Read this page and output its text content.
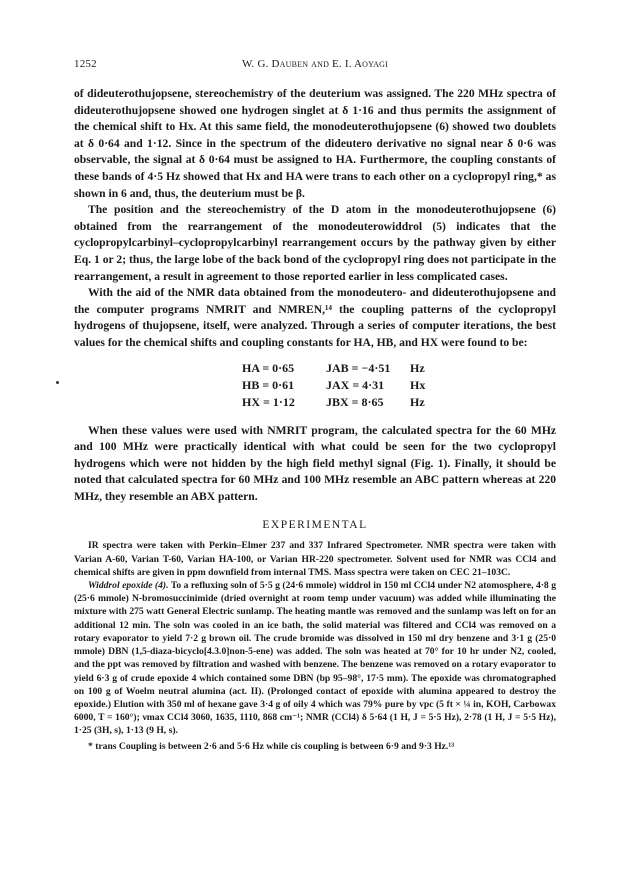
1252	W. G. Dauben and E. I. Aoyagi

of dideuterothujopsene, stereochemistry of the deuterium was assigned. The 220 MHz spectra of dideuterothujopsene showed one hydrogen singlet at δ 1·16 and thus permits the assignment of the chemical shift to Hx. At this same field, the monodeuterothujopsene (6) showed two doublets at δ 0·64 and 1·12. Since in the spectrum of the dideutero derivative no signal near δ 0·6 was observable, the signal at δ 0·64 must be assigned to HA. Furthermore, the coupling constants of these bands of 4·5 Hz showed that Hx and HA were trans to each other on a cyclopropyl ring,* as shown in 6 and, thus, the deuterium must be β.

The position and the stereochemistry of the D atom in the monodeuterothujopsene (6) obtained from the rearrangement of the monodeuterowiddrol (5) indicates that the cyclopropylcarbinyl–cyclopropylcarbinyl rearrangement occurs by the pathway given by either Eq. 1 or 2; thus, the large lobe of the back bond of the cyclopropyl ring does not participate in the rearrangement, a result in agreement to those reported earlier in less complicated cases.

With the aid of the NMR data obtained from the monodeutero- and dideuterothujopsene and the computer programs NMRIT and NMREN,¹⁴ the coupling patterns of the cyclopropyl hydrogens of thujopsene, itself, were analyzed. Through a series of computer iterations, the best values for the chemical shifts and coupling constants for HA, HB, and HX were found to be:

HA = 0·65	JAB = −4·51	Hz
HB = 0·61	JAX = 4·31	Hx
HX = 1·12	JBX = 8·65	Hz

When these values were used with NMRIT program, the calculated spectra for the 60 MHz and 100 MHz were practically identical with what could be seen for the two cyclopropyl hydrogens which were not hidden by the high field methyl signal (Fig. 1). Finally, it should be noted that calculated spectra for 60 MHz and 100 MHz resemble an ABC pattern whereas at 220 MHz, they resemble an ABX pattern.

EXPERIMENTAL

IR spectra were taken with Perkin–Elmer 237 and 337 Infrared Spectrometer. NMR spectra were taken with Varian A-60, Varian T-60, Varian HA-100, or Varian HR-220 spectrometer. Solvent used for NMR was CCl4 and chemical shifts are given in ppm downfield from internal TMS. Mass spectra were taken on CEC 21–103C.

Widdrol epoxide (4). To a refluxing soln of 5·5 g (24·6 mmole) widdrol in 150 ml CCl4 under N2 atomosphere, 4·8 g (25·6 mmole) N-bromosuccinimide (dried overnight at room temp under vacuum) was added while illuminating the mixture with 275 watt General Electric sunlamp. The heating mantle was removed and the sunlamp was left on for an additional 12 min. The soln was cooled in an ice bath, the solid material was filtered and CCl4 was removed on a rotary evaporator to yield 7·2 g brown oil. The crude bromide was dissolved in 150 ml dry benzene and 3·1 g (25·0 mmole) DBN (1,5-diaza-bicyclo[4.3.0]non-5-ene) was added. The soln was heated at 70° for 10 hr under N2, cooled, and the ppt was removed by filtration and washed with benzene. The benzene was removed on a rotary evaporator to yield 6·3 g of crude epoxide 4 which contained some DBN (bp 95–98°, 17·5 mm). The epoxide was chromatographed on 100 g of Woelm neutral alumina (act. II). (Prolonged contact of epoxide with alumina appeared to destroy the epoxide.) Elution with 350 ml of hexane gave 3·4 g of oily 4 which was 79% pure by vpc (5 ft × ¼ in, KOH, Carbowax 6000, T = 160°); νmax CCl4 3060, 1635, 1110, 868 cm⁻¹; NMR (CCl4) δ 5·64 (1 H, J = 5·5 Hz), 2·78 (1 H, J = 5·5 Hz), 1·25 (3H, s), 1·13 (9 H, s).

* trans Coupling is between 2·6 and 5·6 Hz while cis coupling is between 6·9 and 9·3 Hz.¹³
